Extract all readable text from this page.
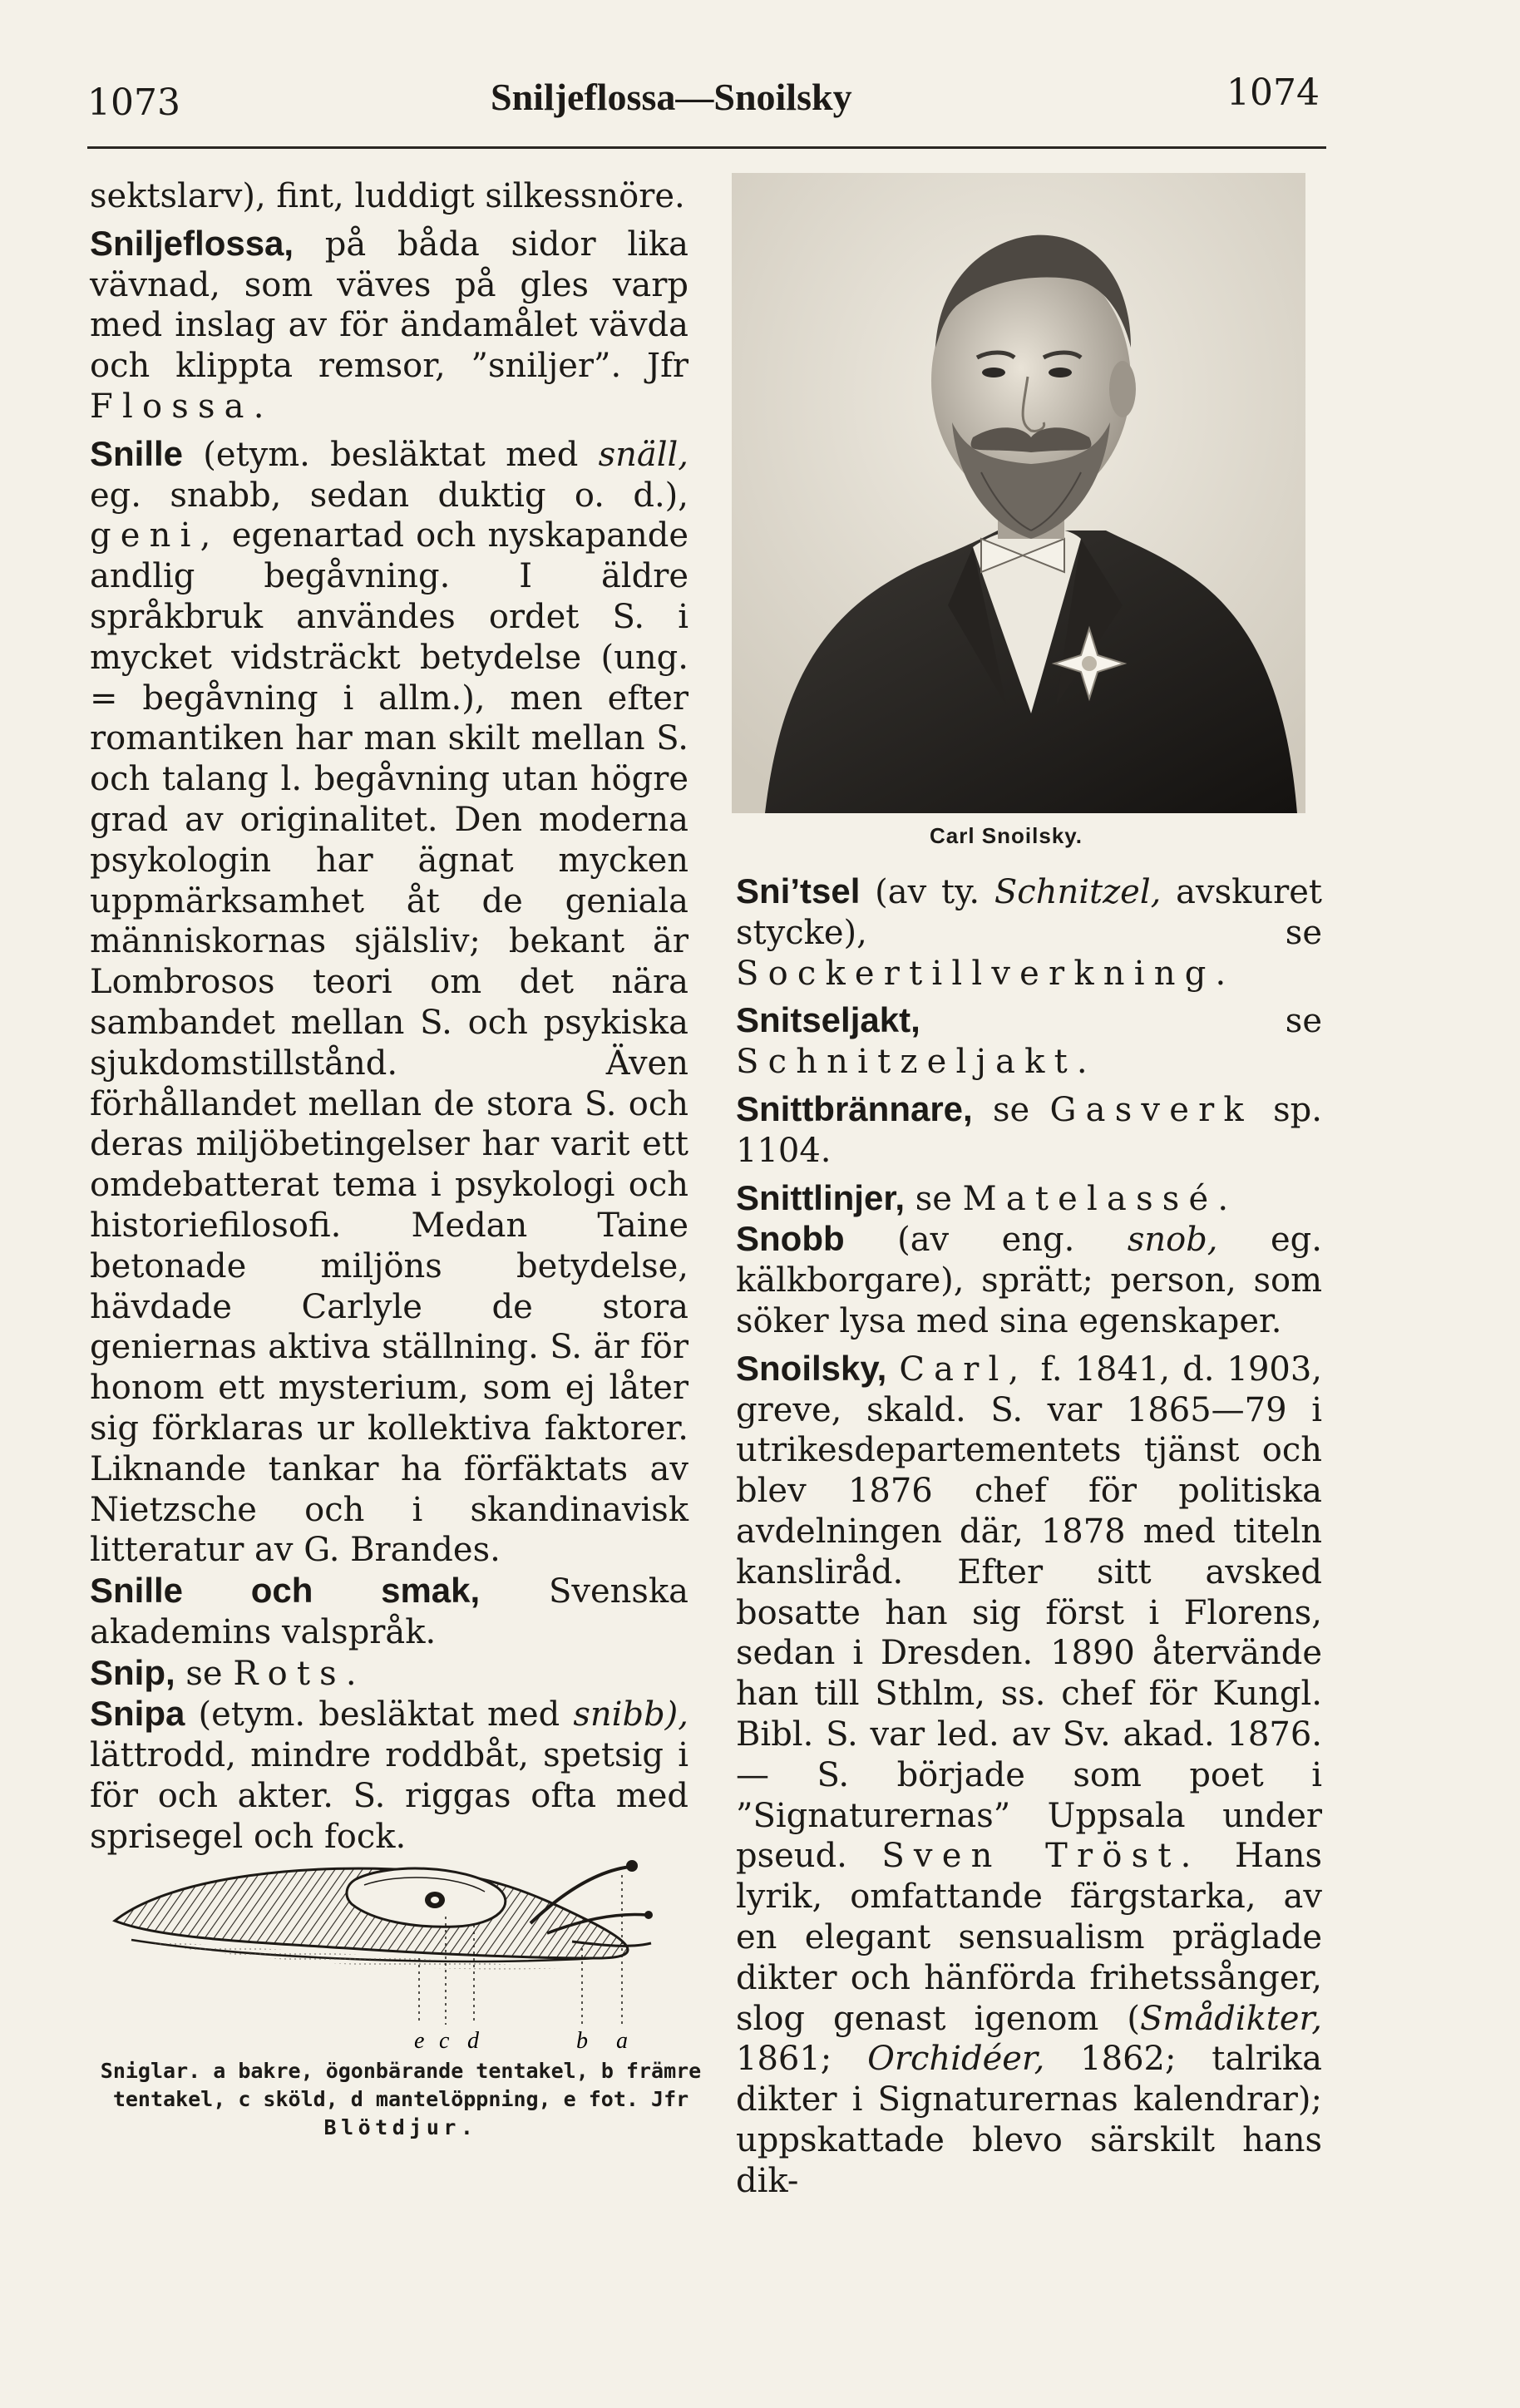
1073	Sniljeflossa—Snoilsky	1074

sektslarv), fint, luddigt silkessnöre.

Sniljeflossa, på båda sidor lika vävnad, som väves på gles varp med inslag av för ändamålet vävda och klippta remsor, ”sniljer”. Jfr Flossa.

Snille (etym. besläktat med snäll, eg. snabb, sedan duktig o. d.), geni, egenartad och nyskapande andlig begåvning. I äldre språkbruk användes ordet S. i mycket vidsträckt betydelse (ung. = begåvning i allm.), men efter romantiken har man skilt mellan S. och talang l. begåvning utan högre grad av originalitet. Den moderna psykologin har ägnat mycken uppmärksamhet åt de geniala människornas själsliv; bekant är Lombrosos teori om det nära sambandet mellan S. och psykiska sjukdomstillstånd. Även förhållandet mellan de stora S. och deras miljöbetingelser har varit ett omdebatterat tema i psykologi och historiefilosofi. Medan Taine betonade miljöns betydelse, hävdade Carlyle de stora geniernas aktiva ställning. S. är för honom ett mysterium, som ej låter sig förklaras ur kollektiva faktorer. Liknande tankar ha förfäktats av Nietzsche och i skandinavisk litteratur av G. Brandes.

Snille och smak, Svenska akademins valspråk.

Snip, se Rots.

Snipa (etym. besläktat med snibb), lättrodd, mindre roddbåt, spetsig i för och akter. S. riggas ofta med sprisegel och fock.

e c d	b a
Sniglar. a bakre, ögonbärande tentakel, b främre tentakel, c sköld, d mantelöppning, e fot. Jfr Blötdjur.
Carl Snoilsky.

Sni’tsel (av ty. Schnitzel, avskuret stycke), se Sockertillverkning.

Snitseljakt, se Schnitzeljakt.

Snittbrännare, se Gasverk sp. 1104.

Snittlinjer, se Matelassé.

Snobb (av eng. snob, eg. kälkborgare), sprätt; person, som söker lysa med sina egenskaper.

Snoilsky, Carl, f. 1841, d. 1903, greve, skald. S. var 1865—79 i utrikesdepartementets tjänst och blev 1876 chef för politiska avdelningen där, 1878 med titeln kansliråd. Efter sitt avsked bosatte han sig först i Florens, sedan i Dresden. 1890 återvände han till Sthlm, ss. chef för Kungl. Bibl. S. var led. av Sv. akad. 1876. — S. började som poet i ”Signaturernas” Uppsala under pseud. Sven Tröst. Hans lyrik, omfattande färgstarka, av en elegant sensualism präglade dikter och hänförda frihetssånger, slog genast igenom (Smådikter, 1861; Orchidéer, 1862; talrika dikter i Signaturernas kalendrar); uppskattade blevo särskilt hans dik-
